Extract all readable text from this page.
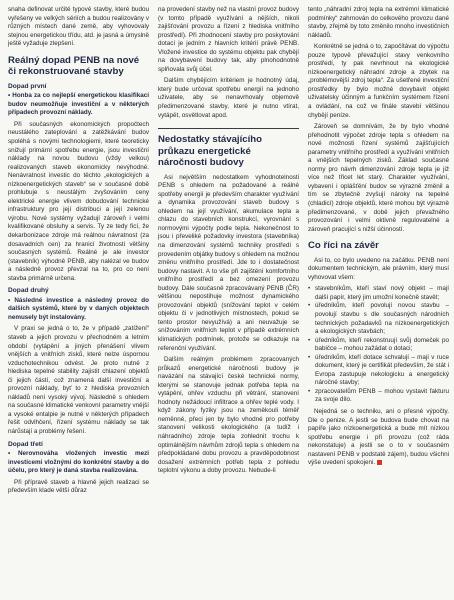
snaha definovat určité typové stavby, které budou vyřešeny ve velkých sériích a budou realizovány v různých místech dané země, aby vyhovovaly stejnou energetickou třídu, atd. je jasná a úmyslně ještě vyžaduje zlepšení.

Reálný dopad PENB na nové či rekonstruované stavby
Dopad první

• Honba za co nejlepší energetickou klasifikací budov neumožňuje investiční a v některých případech provozní náklady.

Při současných ekonomických propočtech neustálého zateplování a zatěžkávání budov spoléhá s novými technologiemi, které teoreticky snižují primární spotřebu energie, jsou investiční náklady na novou budovu (vždy velkou) realizovaných staveb ekonomicky nevýhodné. Nenávratnost investic do těchto „ekologických a nízkoenergetických staveb“ se v současné době prohlubuje s neustálým zvyšováním ceny elektrické energie vlivem dobudování technické infrastruktury pro její distribuci a její zelenou výrobu. Nové systémy vyžadují zároveň i velmi kvalifikované obsluhy a servis. Ty ze tedy ficí, že dekarbonizace zdroje má reálnou návratnost (za dosavadních cen) za hranicí životnosti většiny současných systémů. Reálné je ale investor (stavebník) výhodně PENB, aby nalézal ve budov a následně provoz převzal na to, pro co není stavba primárně určena.

Dopad druhý

• Následné investice a následný provoz do dalších systémů, které by v daných objektech nemusely být instalovány.

V praxi se jedná o to, že v případě „zatížení“ staveb a jejich provozu v přechodném a letním období (vytápění a jiných přenášení vlivem vnějších a vnitřních zisků, které nelze úspornou vzduchotechnikou odvést. Je proto nutné z hlediska tepelné stability zajistit chlazení objektů či jejich částí, což znamená další investiční a provozní náklady, byť to z hlediska provozních nákladů není vysoký vývoj. Následně s ohledem na současné klimatické venkovní parametry vnější a vysoké entalpie je nutné v některých případech řešit odvlhčení, řízení systému náklady se tak nárůstají a problémy řešení.

Dopad třetí

• Nerovnováha vložených investic mezi investicemi vložnými do konkrétní stavby a do účelu, pro který je daná stavba realizována.

Při přípravě staveb a hlavně jejich realizaci se především klade větší důraz

na provedení stavby než na vlastní provoz budovy (v tomto případě využívání a nějších, nikoli zajišťování provozu a řízení z hlediska vnitřního prostředí). Při zhodnocení stavby pro poskytování dotací je jedním z hlavních kritérií právě PENB. Vložené investice do systému objektu pak chybějí na dovybavení budovy tak, aby plnohodnotně splňovala svůj účel.

Dalším chybějícím kritériem je hodnotný údaj, který bude určovat spotřebu energií na jednoho uživatele, aby se nenavrhovaly objemově předimenzované stavby, které je nutno vtírat, vytápět, osvětlovat apod.

Nedostatky stávajícího průkazu energetické náročnosti budovy

Asi největším nedostatkem vyhodnotelnosti PENB s ohledem na požadované a reálné spotřeby energií je především charakter využívání a dynamika provozování staveb budovy s ohledem na její využívání, akumulace tepla a chlazu do stavebních konstrukcí, vyrovnání s normovými výpočty podle tepla. Nekonečnost to jsou i převeliké požadovky investora (stavebníka) na dimenzování systémů techniky prostředí s provedením objátky budovy s ohledem na možnou změnu vnitřního prostředí. Jde to i dostatečnost budovy nastavit. A to vše při zajištění komfortního vnitřního prostředí a bez omezení provozu budovy. Dále současně zpracovávaný PENB (ČR) většinou nepostihuje možnost dynamického provozování objektů (snížování teplot v celém objektu či v jednotlivých místnostech, pokud se tento prostor nevyužívá) a ani neuvažuje se snížováním vnitřních teplot v případě extrémních klimatických podmínek, protože se odkazuje na referenční využívání.

Dalším reálným problémem zpracovaných průkazů energetické náročnosti budovy je navázání na stávající české technické normy, kterými se stanovuje jednak potřeba tepla na vytápění, ohřev vzduchu při větrání, stanovení hodnoty nežádoucí infiltrace a ohřev teplé vody. I když zákony fyziky jsou na zeměkouli téměř neměnné, přeci jen by bylo vhodné pro potřeby stanovení velikosti ekologického (a tudíž i náhradního) zdroje tepla zohlednit trochu k optimálnějším návrhům zdrojů tepla s ohledem na předpokládané dobu provozu a pravděpodobnost dosažení extrémních potřeb tepla z pohledu teplotní výkonu a doby provozu. Nebude-li

tento „náhradní zdroj tepla na extrémní klimatické podmínky“ zahrnován do celkového provozu dané stavby, zřejmě by toto změnilo mnoho investičních nákladů.

Konkrétně se jedná o to, započítávat do výpočtu pouze typově převažující stavy venkovního prostředí, ty pak nevrhnout na ekologické nízkoenergetický náhradní zdroje a zbytek na „problémovější zdroj tepla“. Za ušetřené investiční prostředky by bylo možné dovybavit objekt uživatelsky účinným a funkčním systémem řízení a ovládání, na což ve finále stavebí většinou chybějí peníze.

Zároveň se domnívám, že by bylo vhodné přehodnotit výpočet zdroje tepla s ohledem na nové možnosti řízení systémů zajišťujících parametry vnitřního prostředí a využívání vnitřních a vnějších tepelných zisků. Základ současné normy pro návrh dimenzování zdroje tepla je již více než třicet let starý. Charakter využívání, vybavení i oplášťění budov se výrazně změnil a tím se zbytečně zvyšují nároky na tepelné (chladicí) zdroje objektů, které mohou být výrazně předimenzované, v době jejich převažného provozování i velmi oktivně regulovatelné a zároveň pracující s nižší účinností.

Co říci na závěr

Asi to, co bylo uvedeno na začátku. PENB není dokumentem technickým, ale právním, který musí vyhovovat všem:

• stavebníkům, kteří staví nový objekt – mají další papír, který jim umožní konečně stavět;
• úředníkům, kteří povolují novou stavbu – povolují stavbu s dle současných národních technických požadavků na nízkoenergetických a ekologických stavbách;
• úředníkům, kteří rekonstruují svůj domeček po babičce – mohou zažádat o dotaci;
• úředníkům, kteří dotace schvalují – mají v ruce dokument, který je certifikát především, že stát i Evropa zastupuje nekologicku a energetický náročné stavby;
• zpracovatelům PENB – mohou vystavit fakturu za svoje dílo.

Nejedná se o techniku, ani o přesné výpočty. Dle o penize. A jestli se budova bude chovat na papíře jako nízkoenergetická a bude mít nízkou spotřebu energie i při provozu (což ráda nekonstatuje) a jestli se o to v současném nastavení PENB v podstatě zájem), budou všichni výše uvedení spokojeni.
